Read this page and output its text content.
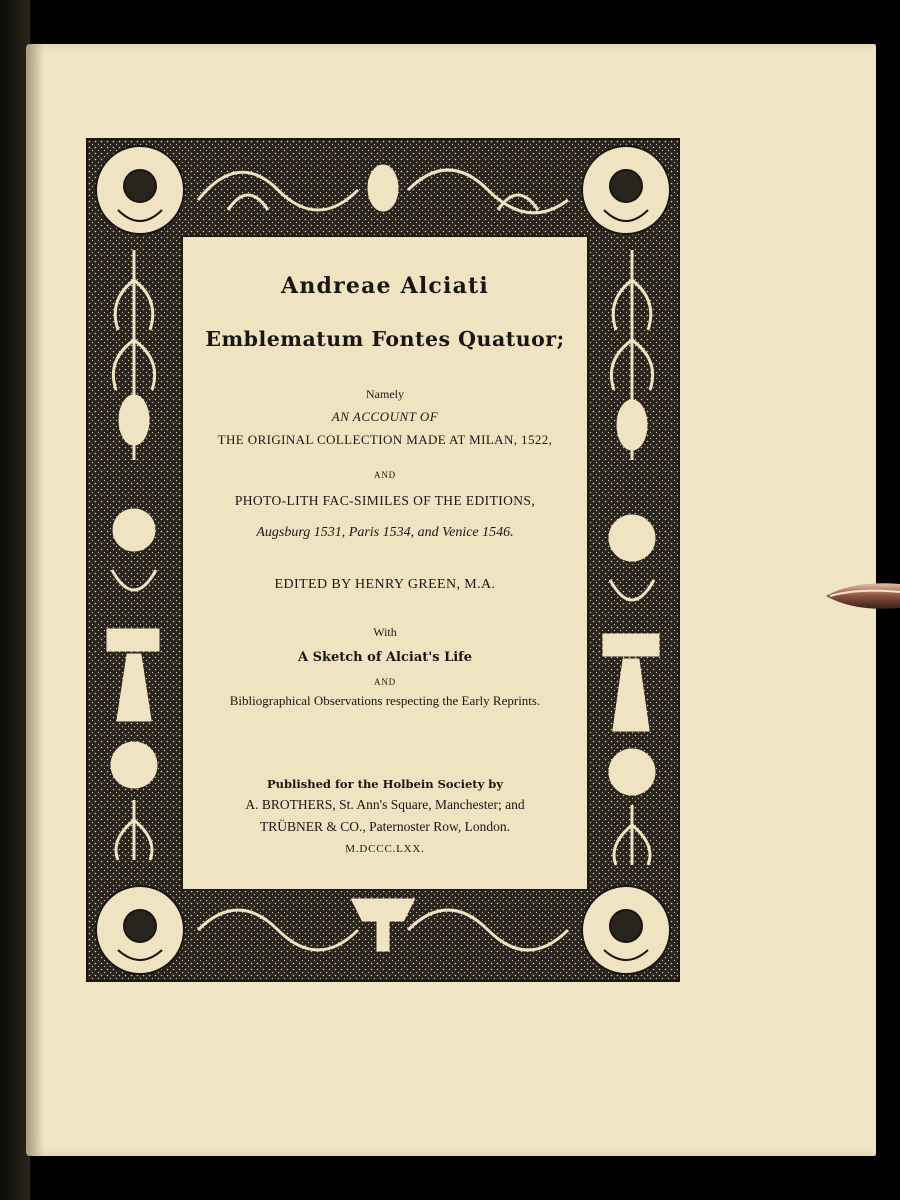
Andreae Alciati
Emblematum Fontes Quatuor;
Namely
AN ACCOUNT OF
THE ORIGINAL COLLECTION MADE AT MILAN, 1522,
AND
PHOTO-LITH FAC-SIMILES OF THE EDITIONS,
Augsburg 1531, Paris 1534, and Venice 1546.
EDITED BY HENRY GREEN, M.A.
With
A Sketch of Alciat's Life
AND
Bibliographical Observations respecting the Early Reprints.
Published for the Holbein Society by
A. BROTHERS, St. Ann's Square, Manchester; and
TRÜBNER & CO., Paternoster Row, London.
M.DCCC.LXX.
